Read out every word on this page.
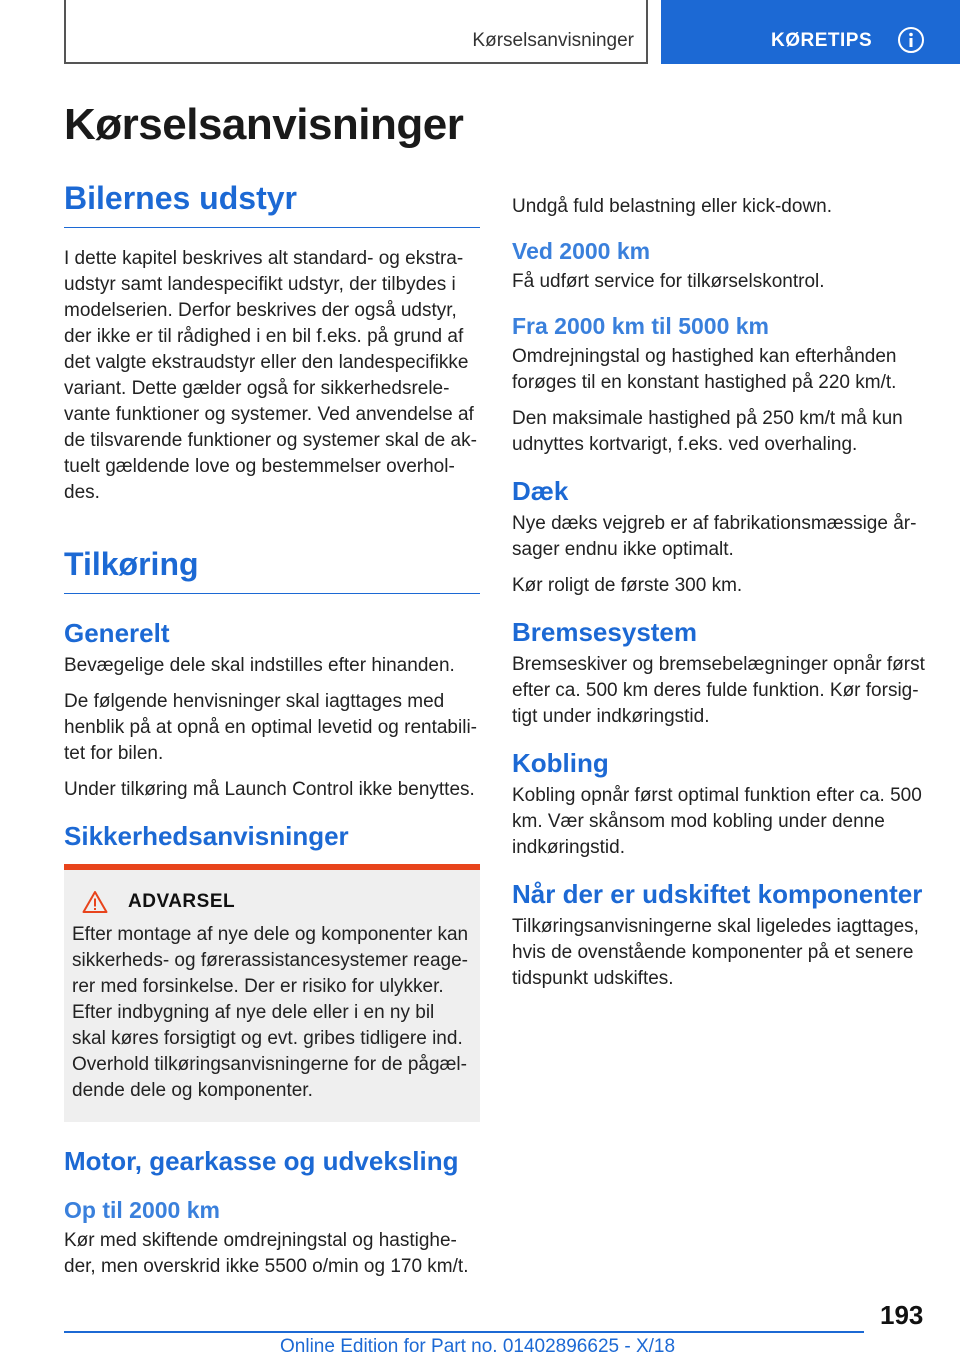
Kørselsanvisninger	KØRETIPS
Kørselsanvisninger
Bilernes udstyr

I dette kapitel beskrives alt standard- og ekstraudstyr samt landespecifikt udstyr, der tilbydes i modelserien. Derfor beskrives der også udstyr, der ikke er til rådighed i en bil f.eks. på grund af det valgte ekstraudstyr eller den landespecifikke variant. Dette gælder også for sikkerhedsrelevante funktioner og systemer. Ved anvendelse af de tilsvarende funktioner og systemer skal de aktuelt gældende love og bestemmelser overholdes.

Tilkøring
Generelt

Bevægelige dele skal indstilles efter hinanden.

De følgende henvisninger skal iagttages med henblik på at opnå en optimal levetid og rentabilitet for bilen.

Under tilkøring må Launch Control ikke benyttes.

Sikkerhedsanvisninger
ADVARSEL

Efter montage af nye dele og komponenter kan sikkerheds- og førerassistancesystemer reagerer med forsinkelse. Der er risiko for ulykker. Efter indbygning af nye dele eller i en ny bil skal køres forsigtigt og evt. gribes tidligere ind. Overhold tilkøringsanvisningerne for de pågældende dele og komponenter.

Motor, gearkasse og udveksling
Op til 2000 km

Kør med skiftende omdrejningstal og hastigheder, men overskrid ikke 5500 o/min og 170 km/t.

Undgå fuld belastning eller kick-down.

Ved 2000 km

Få udført service for tilkørselskontrol.

Fra 2000 km til 5000 km

Omdrejningstal og hastighed kan efterhånden forøges til en konstant hastighed på 220 km/t.

Den maksimale hastighed på 250 km/t må kun udnyttes kortvarigt, f.eks. ved overhaling.

Dæk

Nye dæks vejgreb er af fabrikationsmæssige årsager endnu ikke optimalt.

Kør roligt de første 300 km.

Bremsesystem

Bremseskiver og bremsebelægninger opnår først efter ca. 500 km deres fulde funktion. Kør forsigtigt under indkøringstid.

Kobling

Kobling opnår først optimal funktion efter ca. 500 km. Vær skånsom mod kobling under denne indkøringstid.

Når der er udskiftet komponenter

Tilkøringsanvisningerne skal ligeledes iagttages, hvis de ovenstående komponenter på et senere tidspunkt udskiftes.

193
Online Edition for Part no. 01402896625 - X/18
